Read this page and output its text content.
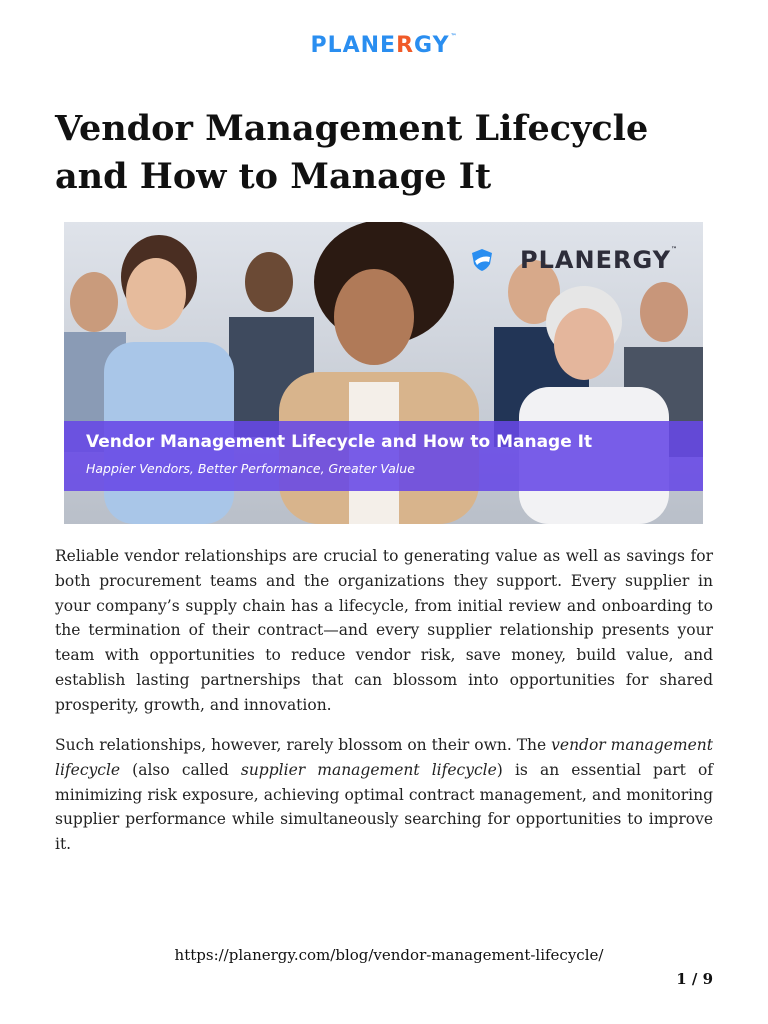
PLANERGY™
Vendor Management Lifecycle and How to Manage It
PLANERGY™
Vendor Management Lifecycle and How to Manage It
Happier Vendors, Better Performance, Greater Value

Reliable vendor relationships are crucial to generating value as well as savings for both procurement teams and the organizations they support. Every supplier in your company’s supply chain has a lifecycle, from initial review and onboarding to the termination of their contract—and every supplier relationship presents your team with opportunities to reduce vendor risk, save money, build value, and establish lasting partnerships that can blossom into opportunities for shared prosperity, growth, and innovation.

Such relationships, however, rarely blossom on their own. The vendor management lifecycle (also called supplier management lifecycle) is an essential part of minimizing risk exposure, achieving optimal contract management, and monitoring supplier performance while simultaneously searching for opportunities to improve it.

https://planergy.com/blog/vendor-management-lifecycle/
1 / 9
